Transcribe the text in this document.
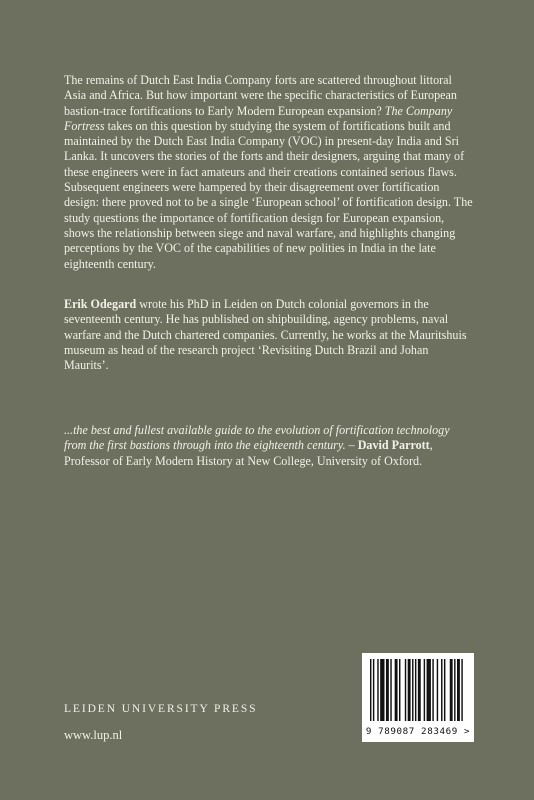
The remains of Dutch East India Company forts are scattered throughout littoral Asia and Africa. But how important were the specific characteristics of European bastion-trace fortifications to Early Modern European expansion? The Company Fortress takes on this question by studying the system of fortifications built and maintained by the Dutch East India Company (VOC) in present-day India and Sri Lanka. It uncovers the stories of the forts and their designers, arguing that many of these engineers were in fact amateurs and their creations contained serious flaws. Subsequent engineers were hampered by their disagreement over fortification design: there proved not to be a single ‘European school’ of fortification design. The study questions the importance of fortification design for European expansion, shows the relationship between siege and naval warfare, and highlights changing perceptions by the VOC of the capabilities of new polities in India in the late eighteenth century.

Erik Odegard wrote his PhD in Leiden on Dutch colonial governors in the seventeenth century. He has published on shipbuilding, agency problems, naval warfare and the Dutch chartered companies. Currently, he works at the Mauritshuis museum as head of the research project ‘Revisiting Dutch Brazil and Johan Maurits’.

...the best and fullest available guide to the evolution of fortification technology from the first bastions through into the eighteenth century. – David Parrott, Professor of Early Modern History at New College, University of Oxford.

LEIDEN UNIVERSITY PRESS
www.lup.nl	9 789087 283469 >
